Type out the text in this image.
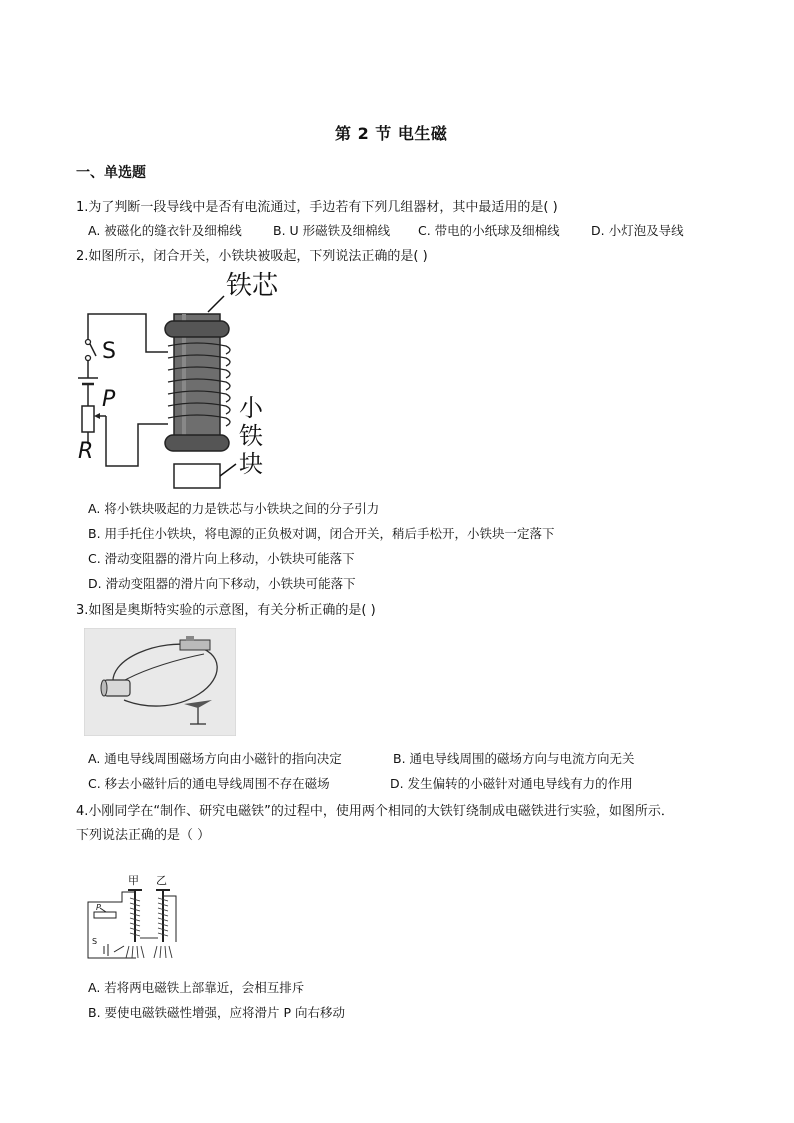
第 2 节 电生磁
一、单选题
1.为了判断一段导线中是否有电流通过，手边若有下列几组器材，其中最适用的是( )
A. 被磁化的缝衣针及细棉线 B. U 形磁铁及细棉线 C. 带电的小纸球及细棉线	D. 小灯泡及导线
2.如图所示，闭合开关，小铁块被吸起，下列说法正确的是( )
铁芯
小
铁
块
S
P
R
A. 将小铁块吸起的力是铁芯与小铁块之间的分子引力
B. 用手托住小铁块，将电源的正负极对调，闭合开关，稍后手松开，小铁块一定落下
C. 滑动变阻器的滑片向上移动，小铁块可能落下
D. 滑动变阻器的滑片向下移动，小铁块可能落下
3.如图是奥斯特实验的示意图，有关分析正确的是( )
A. 通电导线周围磁场方向由小磁针的指向决定	B. 通电导线周围的磁场方向与电流方向无关
C. 移去小磁针后的通电导线周围不存在磁场	D. 发生偏转的小磁针对通电导线有力的作用
4.小刚同学在“制作、研究电磁铁”的过程中，使用两个相同的大铁钉绕制成电磁铁进行实验，如图所示．
下列说法正确的是（ ）
甲 乙
P
S
A. 若将两电磁铁上部靠近，会相互排斥
B. 要使电磁铁磁性增强，应将滑片 P 向右移动
